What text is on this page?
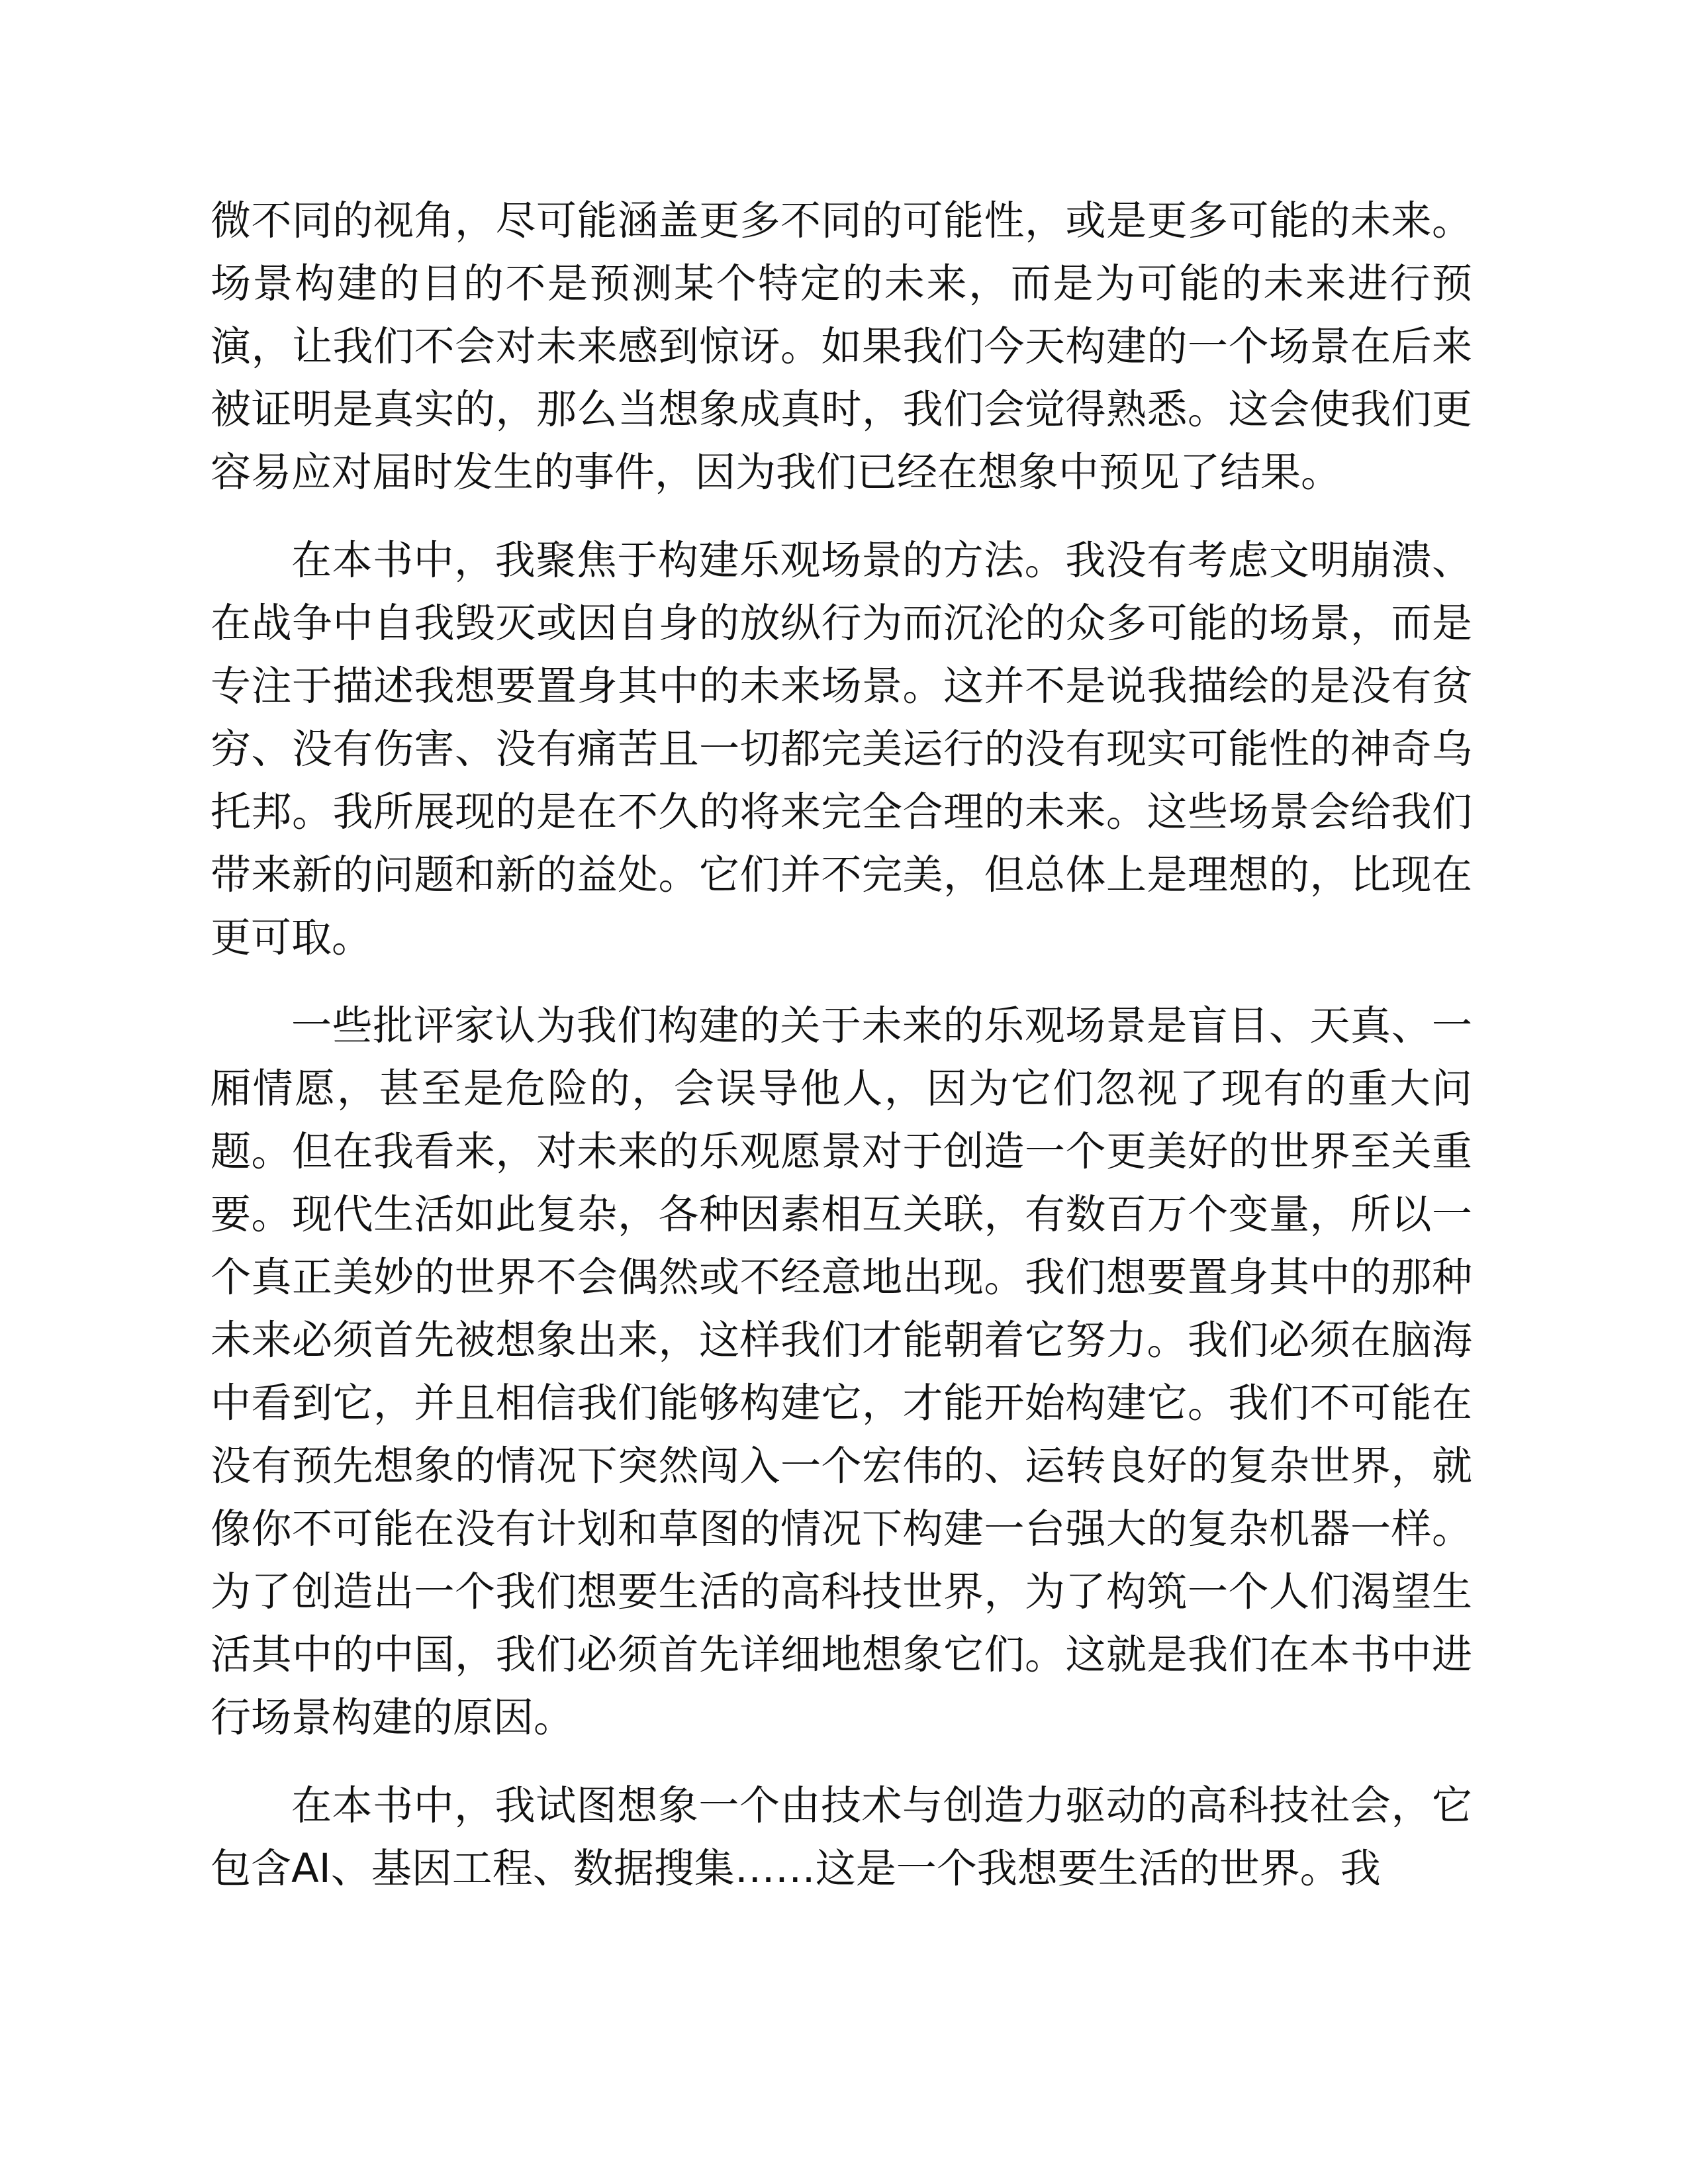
微不同的视角，尽可能涵盖更多不同的可能性，或是更多可能的未来。场景构建的目的不是预测某个特定的未来，而是为可能的未来进行预演，让我们不会对未来感到惊讶。如果我们今天构建的一个场景在后来被证明是真实的，那么当想象成真时，我们会觉得熟悉。这会使我们更容易应对届时发生的事件，因为我们已经在想象中预见了结果。

在本书中，我聚焦于构建乐观场景的方法。我没有考虑文明崩溃、在战争中自我毁灭或因自身的放纵行为而沉沦的众多可能的场景，而是专注于描述我想要置身其中的未来场景。这并不是说我描绘的是没有贫穷、没有伤害、没有痛苦且一切都完美运行的没有现实可能性的神奇乌托邦。我所展现的是在不久的将来完全合理的未来。这些场景会给我们带来新的问题和新的益处。它们并不完美，但总体上是理想的，比现在更可取。

一些批评家认为我们构建的关于未来的乐观场景是盲目、天真、一厢情愿，甚至是危险的，会误导他人，因为它们忽视了现有的重大问题。但在我看来，对未来的乐观愿景对于创造一个更美好的世界至关重要。现代生活如此复杂，各种因素相互关联，有数百万个变量，所以一个真正美妙的世界不会偶然或不经意地出现。我们想要置身其中的那种未来必须首先被想象出来，这样我们才能朝着它努力。我们必须在脑海中看到它，并且相信我们能够构建它，才能开始构建它。我们不可能在没有预先想象的情况下突然闯入一个宏伟的、运转良好的复杂世界，就像你不可能在没有计划和草图的情况下构建一台强大的复杂机器一样。为了创造出一个我们想要生活的高科技世界，为了构筑一个人们渴望生活其中的中国，我们必须首先详细地想象它们。这就是我们在本书中进行场景构建的原因。

在本书中，我试图想象一个由技术与创造力驱动的高科技社会，它包含AI、基因工程、数据搜集……这是一个我想要生活的世界。我
